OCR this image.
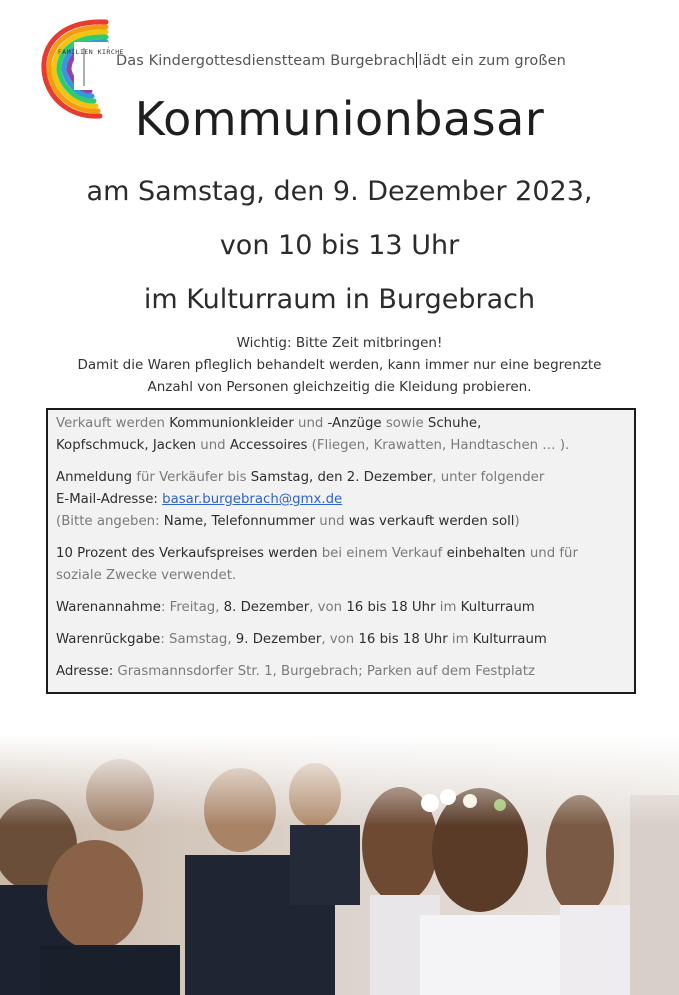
FAMILIEN KIRCHE
Das Kindergottesdienstteam Burgebrach lädt ein zum großen
Kommunionbasar
am Samstag, den 9. Dezember 2023,
von 10 bis 13 Uhr
im Kulturraum in Burgebrach
Wichtig: Bitte Zeit mitbringen!
Damit die Waren pfleglich behandelt werden, kann immer nur eine begrenzte
Anzahl von Personen gleichzeitig die Kleidung probieren.

Verkauft werden Kommunionkleider und -Anzüge sowie Schuhe,
Kopfschmuck, Jacken und Accessoires (Fliegen, Krawatten, Handtaschen … ).

Anmeldung für Verkäufer bis Samstag, den 2. Dezember, unter folgender
E-Mail-Adresse: basar.burgebrach@gmx.de
(Bitte angeben: Name, Telefonnummer und was verkauft werden soll)

10 Prozent des Verkaufspreises werden bei einem Verkauf einbehalten und für
soziale Zwecke verwendet.

Warenannahme: Freitag, 8. Dezember, von 16 bis 18 Uhr im Kulturraum

Warenrückgabe: Samstag, 9. Dezember, von 16 bis 18 Uhr im Kulturraum

Adresse: Grasmannsdorfer Str. 1, Burgebrach; Parken auf dem Festplatz
